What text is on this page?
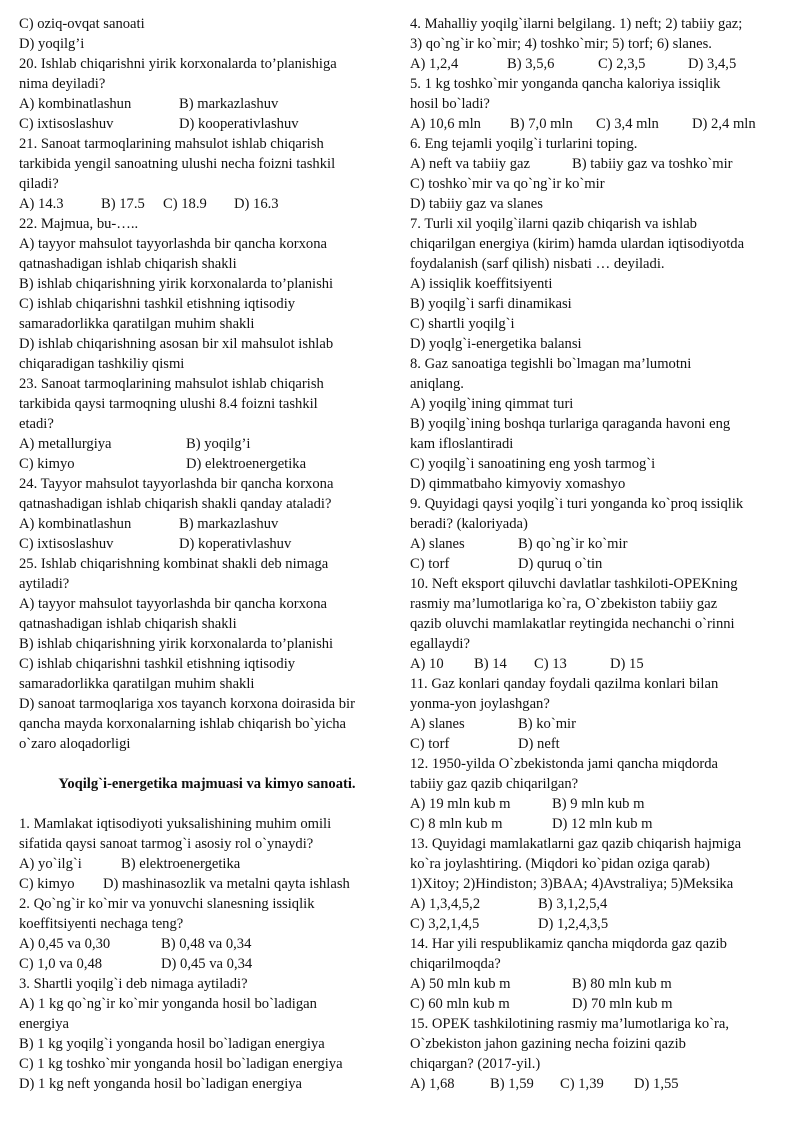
C) oziq-ovqat sanoati
D) yoqilg’i
20. Ishlab chiqarishni yirik korxonalarda to’planishiga
nima deyiladi?
A) kombinatlashun	B) markazlashuv
C) ixtisoslashuv	D) kooperativlashuv
21. Sanoat tarmoqlarining mahsulot ishlab chiqarish
tarkibida yengil sanoatning ulushi necha foizni tashkil
qiladi?
A) 14.3	B) 17.5	C) 18.9	D) 16.3
22. Majmua, bu-…..
A) tayyor mahsulot tayyorlashda bir qancha korxona
qatnashadigan ishlab chiqarish shakli
B) ishlab chiqarishning yirik korxonalarda to’planishi
C) ishlab chiqarishni tashkil etishning iqtisodiy
samaradorlikka qaratilgan muhim shakli
D) ishlab chiqarishning asosan bir xil mahsulot ishlab
chiqaradigan tashkiliy qismi
23. Sanoat tarmoqlarining mahsulot ishlab chiqarish
tarkibida qaysi tarmoqning ulushi 8.4 foizni tashkil
etadi?
A) metallurgiya	B) yoqilg’i
C) kimyo	D) elektroenergetika
24. Tayyor mahsulot tayyorlashda bir qancha korxona
qatnashadigan ishlab chiqarish shakli qanday ataladi?
A) kombinatlashun	B) markazlashuv
C) ixtisoslashuv	D) koperativlashuv
25. Ishlab chiqarishning kombinat shakli deb nimaga
aytiladi?
A) tayyor mahsulot tayyorlashda bir qancha korxona
qatnashadigan ishlab chiqarish shakli
B) ishlab chiqarishning yirik korxonalarda to’planishi
C) ishlab chiqarishni tashkil etishning iqtisodiy
samaradorlikka qaratilgan muhim shakli
D) sanoat tarmoqlariga xos tayanch korxona doirasida bir
qancha mayda korxonalarning ishlab chiqarish bo`yicha
o`zaro aloqadorligi
Yoqilg`i-energetika majmuasi va kimyo sanoati.
1. Mamlakat iqtisodiyoti yuksalishining muhim omili
sifatida qaysi sanoat tarmog`i asosiy rol o`ynaydi?
A) yo`ilg`i	B) elektroenergetika
C) kimyo	D) mashinasozlik va metalni qayta ishlash
2. Qo`ng`ir ko`mir va yonuvchi slanesning issiqlik
koeffitsiyenti nechaga teng?
A) 0,45 va 0,30	B) 0,48 va 0,34
C) 1,0 va 0,48	D) 0,45 va 0,34
3. Shartli yoqilg`i deb nimaga aytiladi?
A) 1 kg qo`ng`ir ko`mir yonganda hosil bo`ladigan
energiya
B) 1 kg yoqilg`i yonganda hosil bo`ladigan energiya
C) 1 kg toshko`mir yonganda hosil bo`ladigan energiya
D) 1 kg neft yonganda hosil bo`ladigan energiya
4. Mahalliy yoqilg`ilarni belgilang. 1) neft; 2) tabiiy gaz;
3) qo`ng`ir ko`mir; 4) toshko`mir; 5) torf; 6) slanes.
A) 1,2,4	B) 3,5,6	C) 2,3,5	D) 3,4,5
5. 1 kg toshko`mir yonganda qancha kaloriya issiqlik
hosil bo`ladi?
A) 10,6 mln	B) 7,0 mln	C) 3,4 mln	D) 2,4 mln
6. Eng tejamli yoqilg`i turlarini toping.
A) neft va tabiiy gaz	B) tabiiy gaz va toshko`mir
C) toshko`mir va qo`ng`ir ko`mir
D) tabiiy gaz va slanes
7. Turli xil yoqilg`ilarni qazib chiqarish va ishlab
chiqarilgan energiya (kirim) hamda ulardan iqtisodiyotda
foydalanish (sarf qilish) nisbati … deyiladi.
A) issiqlik koeffitsiyenti
B) yoqilg`i sarfi dinamikasi
C) shartli yoqilg`i
D) yoqlg`i-energetika balansi
8. Gaz sanoatiga tegishli bo`lmagan ma’lumotni
aniqlang.
A) yoqilg`ining qimmat turi
B) yoqilg`ining boshqa turlariga qaraganda havoni eng
kam ifloslantiradi
C) yoqilg`i sanoatining eng yosh tarmog`i
D) qimmatbaho kimyoviy xomashyo
9. Quyidagi qaysi yoqilg`i turi yonganda ko`proq issiqlik
beradi? (kaloriyada)
A) slanes	B) qo`ng`ir ko`mir
C) torf	D) quruq o`tin
10. Neft eksport qiluvchi davlatlar tashkiloti-OPEKning
rasmiy ma’lumotlariga ko`ra, O`zbekiston tabiiy gaz
qazib oluvchi mamlakatlar reytingida nechanchi o`rinni
egallaydi?
A) 10	B) 14	C) 13	D) 15
11. Gaz konlari qanday foydali qazilma konlari bilan
yonma-yon joylashgan?
A) slanes	B) ko`mir
C) torf	D) neft
12. 1950-yilda O`zbekistonda jami qancha miqdorda
tabiiy gaz qazib chiqarilgan?
A) 19 mln kub m	B) 9 mln kub m
C) 8 mln kub m	D) 12 mln kub m
13. Quyidagi mamlakatlarni gaz qazib chiqarish hajmiga
ko`ra joylashtiring. (Miqdori ko`pidan oziga qarab)
1)Xitoy; 2)Hindiston; 3)BAA; 4)Avstraliya; 5)Meksika
A) 1,3,4,5,2	B) 3,1,2,5,4
C) 3,2,1,4,5	D) 1,2,4,3,5
14. Har yili respublikamiz qancha miqdorda gaz qazib
chiqarilmoqda?
A) 50 mln kub m	B) 80 mln kub m
C) 60 mln kub m	D) 70 mln kub m
15. OPEK tashkilotining rasmiy ma’lumotlariga ko`ra,
O`zbekiston jahon gazining necha foizini qazib
chiqargan? (2017-yil.)
A) 1,68	B) 1,59	C) 1,39	D) 1,55
